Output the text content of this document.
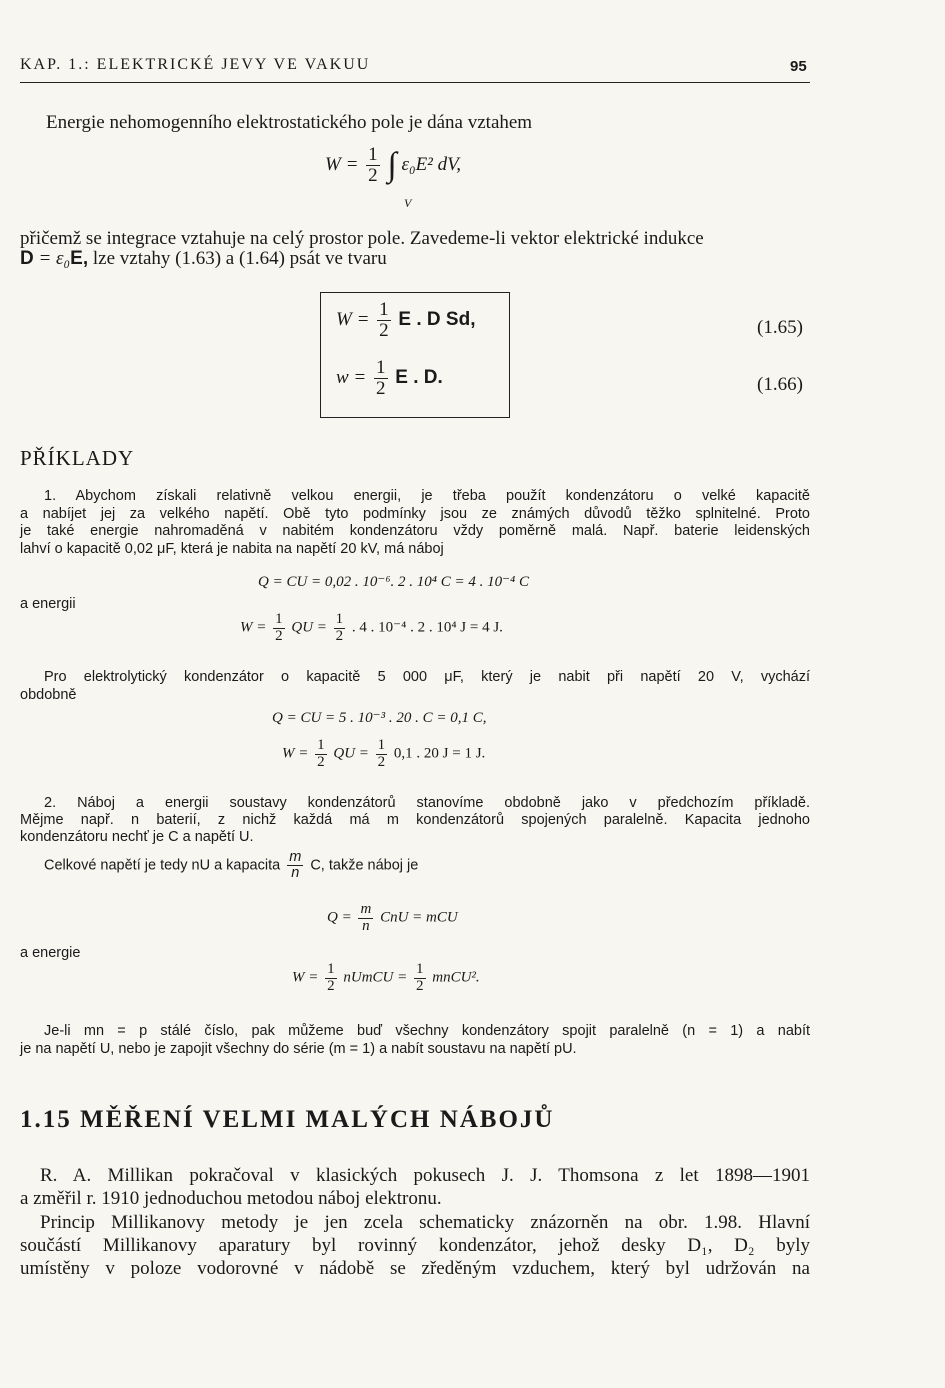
KAP. 1.: ELEKTRICKÉ JEVY VE VAKUU	95
Energie nehomogenního elektrostatického pole je dána vztahem
$W = \frac{1}{2}$ ∫ ε₀E² dV,
V
přičemž se integrace vztahuje na celý prostor pole. Zavedeme-li vektor elektrické indukce
D = ε₀E, lze vztahy (1.63) a (1.64) psát ve tvaru
$W = \frac{1}{2}$ E . D Sd,
$w = \frac{1}{2}$ E . D.
(1.65)
(1.66)
PŘÍKLADY
1. Abychom získali relativně velkou energii, je třeba použít kondenzátoru o velké kapacitě
a nabíjet jej za velkého napětí. Obě tyto podmínky jsou ze známých důvodů těžko splnitelné. Proto
je také energie nahromaděná v nabitém kondenzátoru vždy poměrně malá. Např. baterie leidenských
lahví o kapacitě 0,02 μF, která je nabita na napětí 20 kV, má náboj
Q = CU = 0,02 . 10⁻⁶. 2 . 10⁴ C = 4 . 10⁻⁴ C
a energii
$W = \frac{1}{2}$ QU = $\frac{1}{2}$ . 4 . 10⁻⁴ . 2 . 10⁴ J = 4 J.
Pro elektrolytický kondenzátor o kapacitě 5 000 μF, který je nabit při napětí 20 V, vychází
obdobně
Q = CU = 5 . 10⁻³ . 20 . C = 0,1 C,
$W = \frac{1}{2}$ QU = $\frac{1}{2} 0,1$ . 20 J = 1 J.
2. Náboj a energii soustavy kondenzátorů stanovíme obdobně jako v předchozím příkladě.
Mějme např. n baterií, z nichž každá má m kondenzátorů spojených paralelně. Kapacita jednoho
kondenzátoru nechť je C a napětí U.
Celkové napětí je tedy nU a kapacita $\frac{m}{n} C$, takže náboj je
$Q = \frac{m}{n}$ CnU = mCU
a energie
$W = \frac{1}{2}$ nUmCU = $\frac{1}{2}$ mnCU².
Je-li mn = p stálé číslo, pak můžeme buď všechny kondenzátory spojit paralelně (n = 1) a nabít
je na napětí U, nebo je zapojit všechny do série (m = 1) a nabít soustavu na napětí pU.
1.15 MĚŘENÍ VELMI MALÝCH NÁBOJŮ
R. A. Millikan pokračoval v klasických pokusech J. J. Thomsona z let 1898—1901
a změřil r. 1910 jednoduchou metodou náboj elektronu.
Princip Millikanovy metody je jen zcela schematicky znázorněn na obr. 1.98. Hlavní
součástí Millikanovy aparatury byl rovinný kondenzátor, jehož desky D₁, D₂ byly
umístěny v poloze vodorovné v nádobě se zředěným vzduchem, který byl udržován na
